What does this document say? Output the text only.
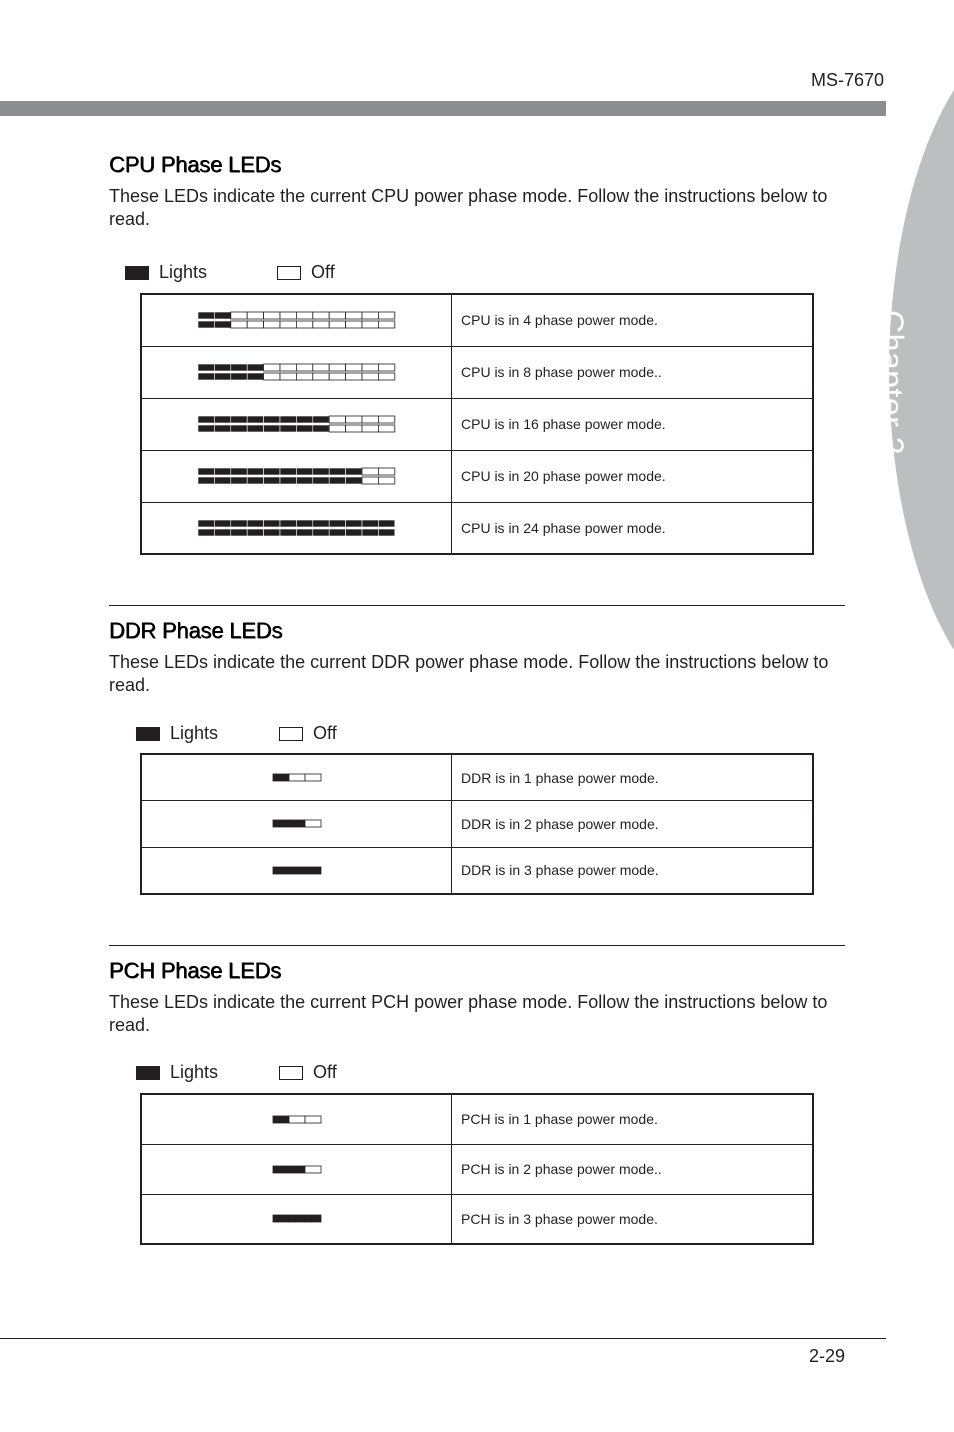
MS-7670
Chapter 2
CPU Phase LEDs
These LEDs indicate the current CPU power phase mode. Follow the instructions below to read.
Lights	Off
	CPU is in 4 phase power mode.

	CPU is in 8 phase power mode..

	CPU is in 16 phase power mode.

	CPU is in 20 phase power mode.

	CPU is in 24 phase power mode.
DDR Phase LEDs
These LEDs indicate the current DDR power phase mode. Follow the instructions below to read.
Lights	Off
	DDR is in 1 phase power mode.

	DDR is in 2 phase power mode.

	DDR is in 3 phase power mode.
PCH Phase LEDs
These LEDs indicate the current PCH power phase mode. Follow the instructions below to read.
Lights	Off
	PCH is in 1 phase power mode.

	PCH is in 2 phase power mode..

	PCH is in 3 phase power mode.
2-29
